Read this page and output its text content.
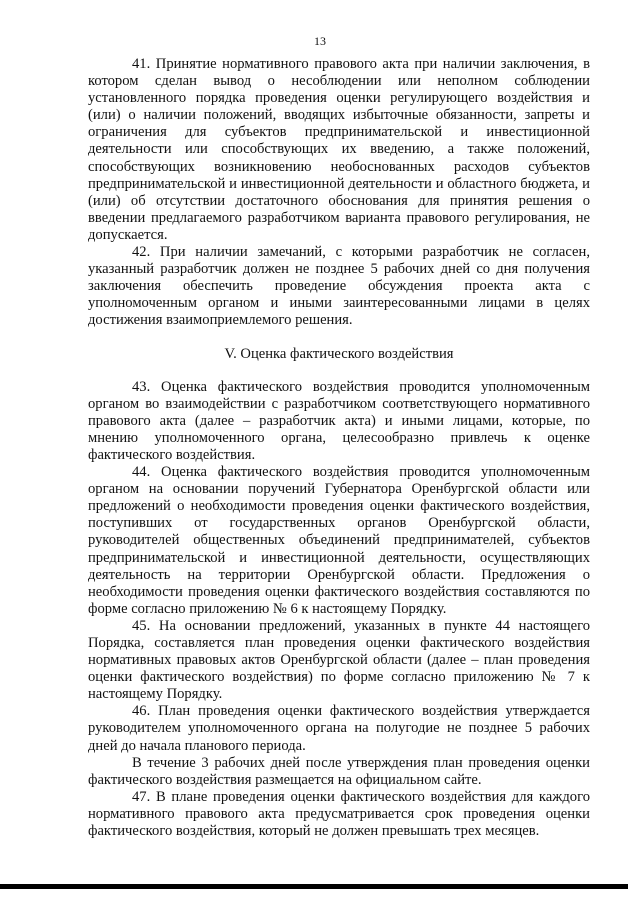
13

41. Принятие нормативного правового акта при наличии заключения, в котором сделан вывод о несоблюдении или неполном соблюдении установленного порядка проведения оценки регулирующего воздействия и (или) о наличии положений, вводящих избыточные обязанности, запреты и ограничения для субъектов предпринимательской и инвестиционной деятельности или способствующих их введению, а также положений, способствующих возникновению необоснованных расходов субъектов предпринимательской и инвестиционной деятельности и областного бюджета, и (или) об отсутствии достаточного обоснования для принятия решения о введении предлагаемого разработчиком варианта правового регулирования, не допускается.

42. При наличии замечаний, с которыми разработчик не согласен, указанный разработчик должен не позднее 5 рабочих дней со дня получения заключения обеспечить проведение обсуждения проекта акта с уполномоченным органом и иными заинтересованными лицами в целях достижения взаимоприемлемого решения.

V. Оценка фактического воздействия

43. Оценка фактического воздействия проводится уполномоченным органом во взаимодействии с разработчиком соответствующего нормативного правового акта (далее – разработчик акта) и иными лицами, которые, по мнению уполномоченного органа, целесообразно привлечь к оценке фактического воздействия.

44. Оценка фактического воздействия проводится уполномоченным органом на основании поручений Губернатора Оренбургской области или предложений о необходимости проведения оценки фактического воздействия, поступивших от государственных органов Оренбургской области, руководителей общественных объединений предпринимателей, субъектов предпринимательской и инвестиционной деятельности, осуществляющих деятельность на территории Оренбургской области. Предложения о необходимости проведения оценки фактического воздействия составляются по форме согласно приложению № 6 к настоящему Порядку.

45. На основании предложений, указанных в пункте 44 настоящего Порядка, составляется план проведения оценки фактического воздействия нормативных правовых актов Оренбургской области (далее – план проведения оценки фактического воздействия) по форме согласно приложению № 7 к настоящему Порядку.

46. План проведения оценки фактического воздействия утверждается руководителем уполномоченного органа на полугодие не позднее 5 рабочих дней до начала планового периода.

В течение 3 рабочих дней после утверждения план проведения оценки фактического воздействия размещается на официальном сайте.

47. В плане проведения оценки фактического воздействия для каждого нормативного правового акта предусматривается срок проведения оценки фактического воздействия, который не должен превышать трех месяцев.
